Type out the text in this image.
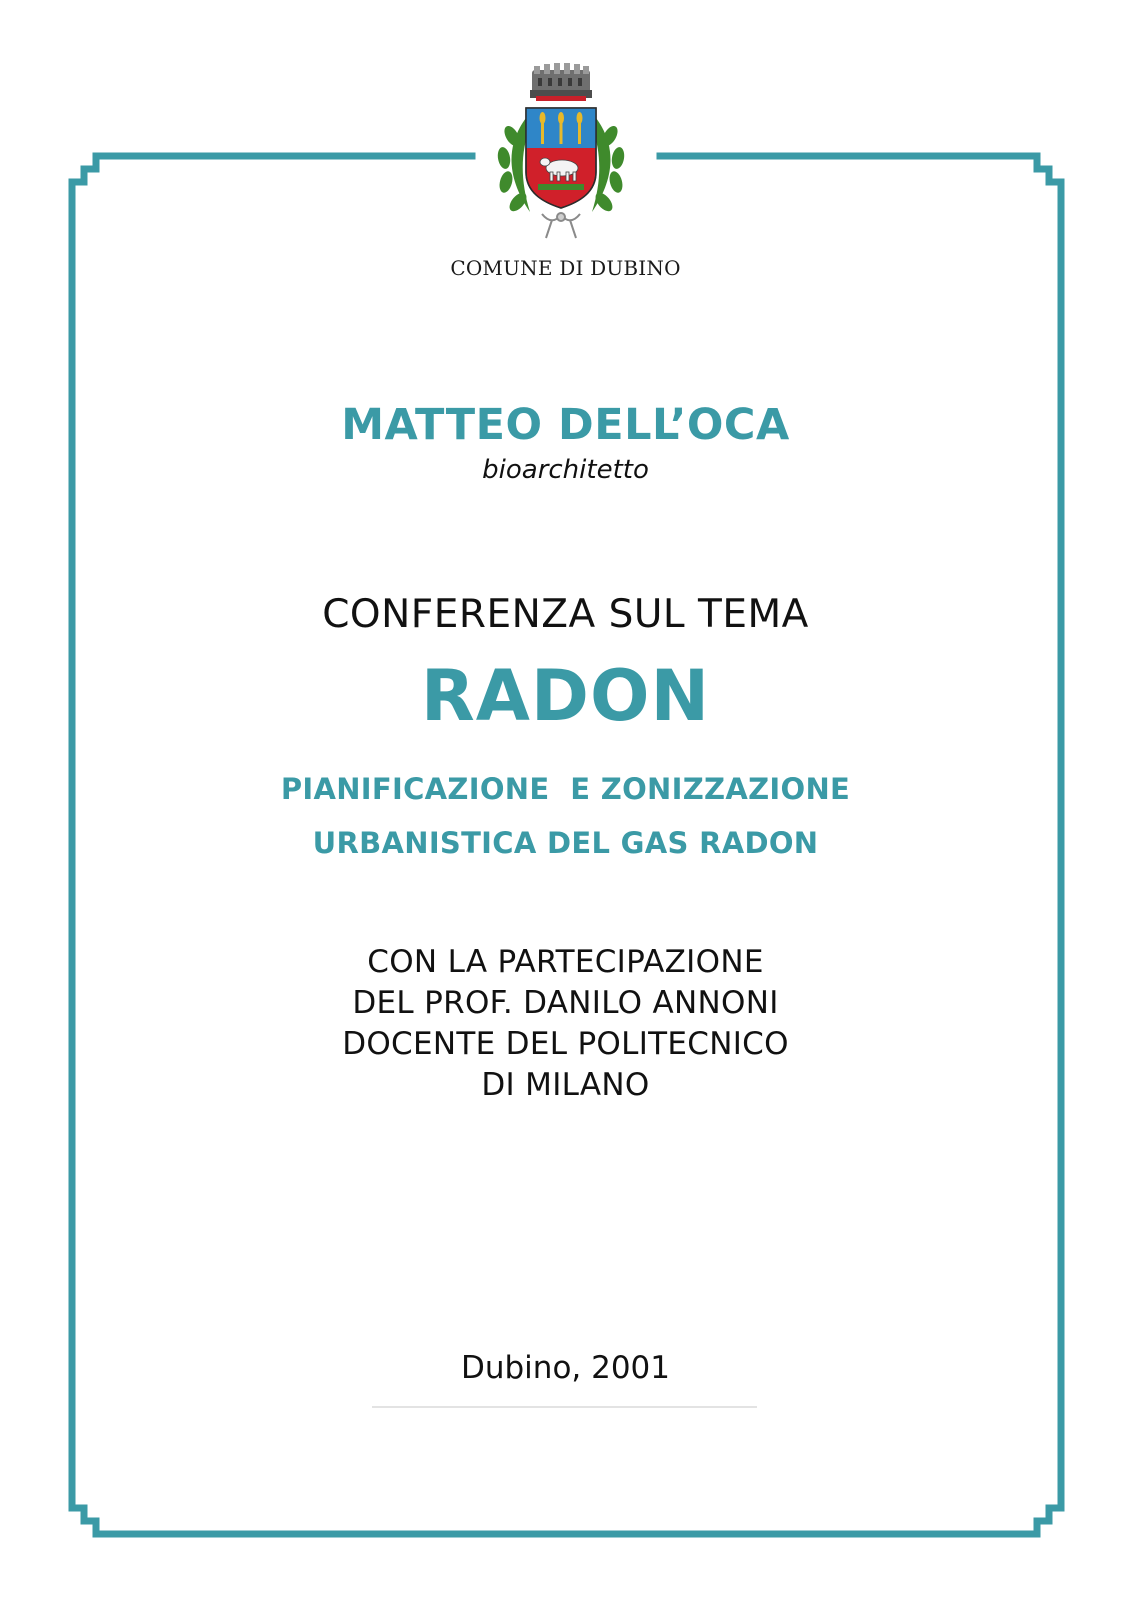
COMUNE DI DUBINO
MATTEO DELL’OCA
bioarchitetto
CONFERENZA SUL TEMA
RADON
PIANIFICAZIONE  E ZONIZZAZIONE
URBANISTICA DEL GAS RADON
CON LA PARTECIPAZIONE
DEL PROF. DANILO ANNONI
DOCENTE DEL POLITECNICO
DI MILANO
Dubino, 2001
